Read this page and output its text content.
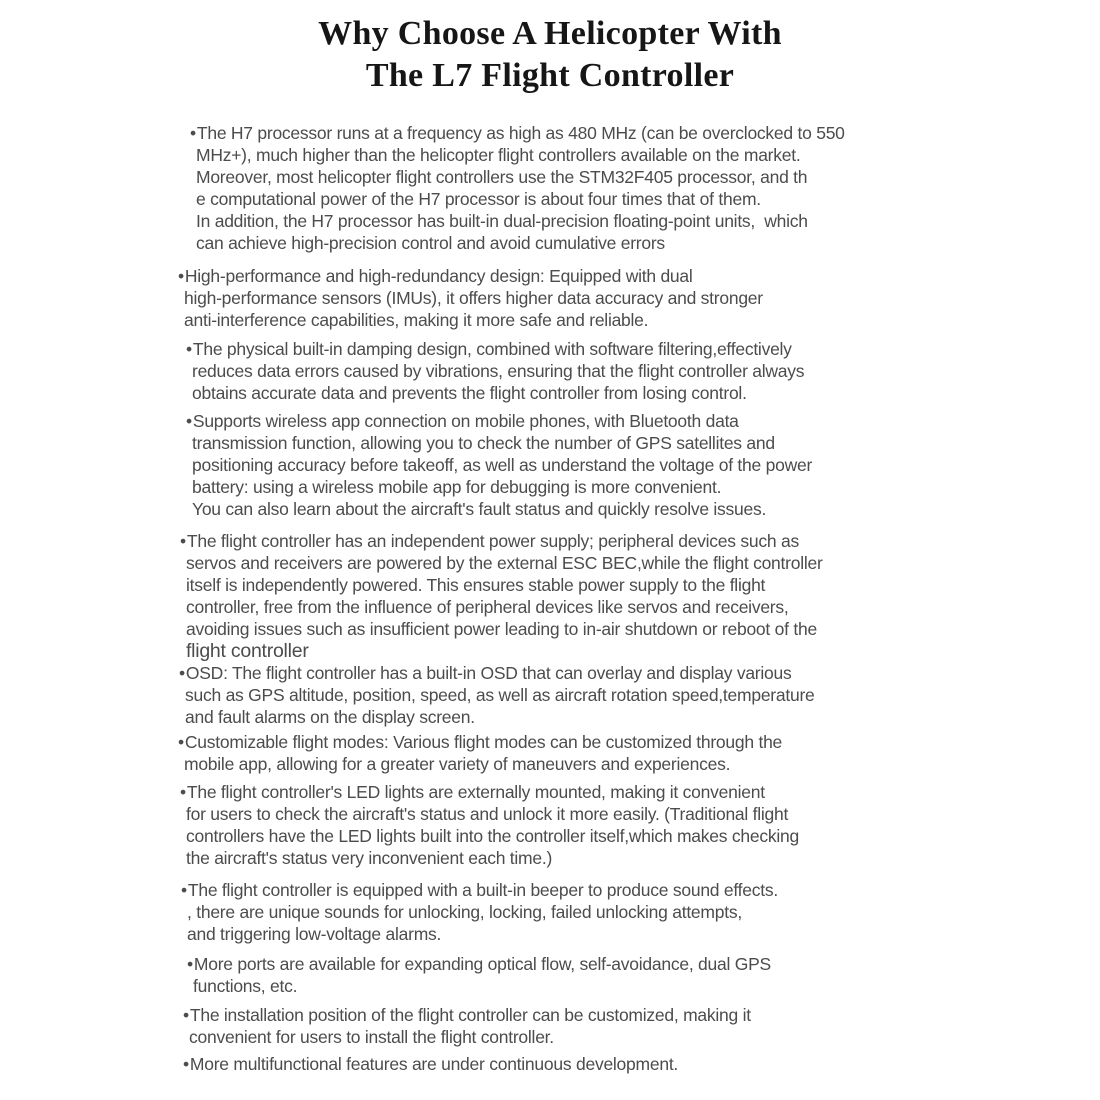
Why Choose A Helicopter With
The L7 Flight Controller
•The H7 processor runs at a frequency as high as 480 MHz (can be overclocked to 550
MHz+), much higher than the helicopter flight controllers available on the market.
Moreover, most helicopter flight controllers use the STM32F405 processor, and th
e computational power of the H7 processor is about four times that of them.
In addition, the H7 processor has built-in dual-precision floating-point units,  which
can achieve high-precision control and avoid cumulative errors
•High-performance and high-redundancy design: Equipped with dual
high-performance sensors (IMUs), it offers higher data accuracy and stronger
anti-interference capabilities, making it more safe and reliable.
•The physical built-in damping design, combined with software filtering,effectively
reduces data errors caused by vibrations, ensuring that the flight controller always
obtains accurate data and prevents the flight controller from losing control.
•Supports wireless app connection on mobile phones, with Bluetooth data
transmission function, allowing you to check the number of GPS satellites and
positioning accuracy before takeoff, as well as understand the voltage of the power
battery: using a wireless mobile app for debugging is more convenient.
You can also learn about the aircraft's fault status and quickly resolve issues.
•The flight controller has an independent power supply; peripheral devices such as
servos and receivers are powered by the external ESC BEC,while the flight controller
itself is independently powered. This ensures stable power supply to the flight
controller, free from the influence of peripheral devices like servos and receivers,
avoiding issues such as insufficient power leading to in-air shutdown or reboot of the
flight controller
•OSD: The flight controller has a built-in OSD that can overlay and display various
such as GPS altitude, position, speed, as well as aircraft rotation speed,temperature
and fault alarms on the display screen.
•Customizable flight modes: Various flight modes can be customized through the
mobile app, allowing for a greater variety of maneuvers and experiences.
•The flight controller's LED lights are externally mounted, making it convenient
for users to check the aircraft's status and unlock it more easily. (Traditional flight
controllers have the LED lights built into the controller itself,which makes checking
the aircraft's status very inconvenient each time.)
•The flight controller is equipped with a built-in beeper to produce sound effects.
, there are unique sounds for unlocking, locking, failed unlocking attempts,
and triggering low-voltage alarms.
•More ports are available for expanding optical flow, self-avoidance, dual GPS
functions, etc.
•The installation position of the flight controller can be customized, making it
convenient for users to install the flight controller.
•More multifunctional features are under continuous development.
